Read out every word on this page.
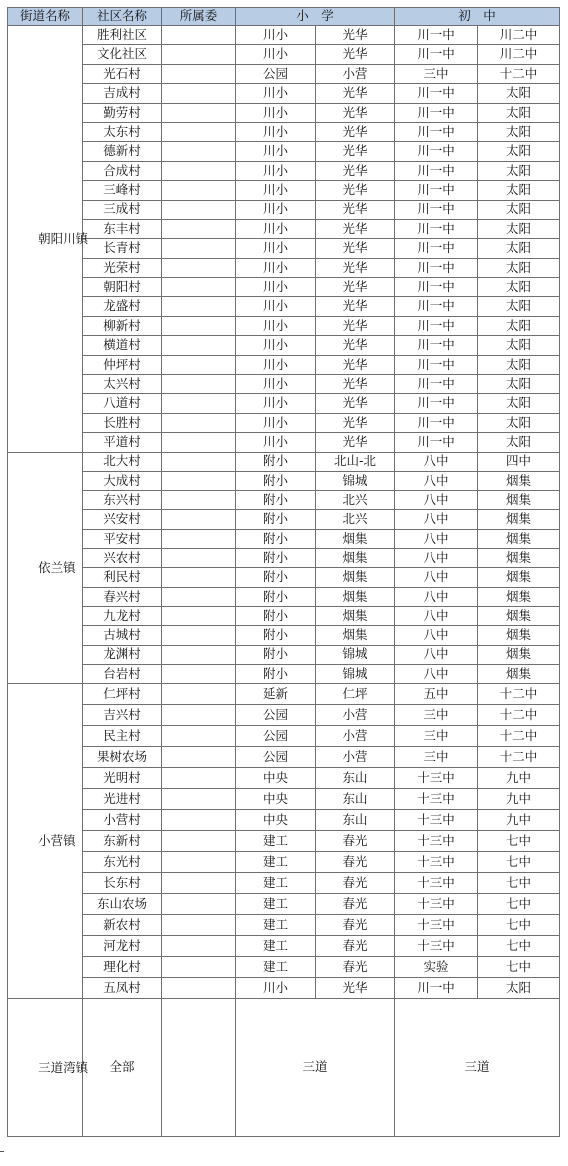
街道名称	社区名称	所属委	小　学		初　中	

朝阳川镇	胜利社区		川小	光华	川一中	川二中
	文化社区		川小	光华	川一中	川二中
	光石村		公园	小营	三中	十二中
	吉成村		川小	光华	川一中	太阳
	勤劳村		川小	光华	川一中	太阳
	太东村		川小	光华	川一中	太阳
	德新村		川小	光华	川一中	太阳
	合成村		川小	光华	川一中	太阳
	三峰村		川小	光华	川一中	太阳
	三成村		川小	光华	川一中	太阳
	东丰村		川小	光华	川一中	太阳
	长青村		川小	光华	川一中	太阳
	光荣村		川小	光华	川一中	太阳
	朝阳村		川小	光华	川一中	太阳
	龙盛村		川小	光华	川一中	太阳
	柳新村		川小	光华	川一中	太阳
	横道村		川小	光华	川一中	太阳
	仲坪村		川小	光华	川一中	太阳
	太兴村		川小	光华	川一中	太阳
	八道村		川小	光华	川一中	太阳
	长胜村		川小	光华	川一中	太阳
	平道村		川小	光华	川一中	太阳

依兰镇	北大村		附小	北山-北	八中	四中
	大成村		附小	锦城	八中	烟集
	东兴村		附小	北兴	八中	烟集
	兴安村		附小	北兴	八中	烟集
	平安村		附小	烟集	八中	烟集
	兴农村		附小	烟集	八中	烟集
	利民村		附小	烟集	八中	烟集
	春兴村		附小	烟集	八中	烟集
	九龙村		附小	烟集	八中	烟集
	古城村		附小	烟集	八中	烟集
	龙渊村		附小	锦城	八中	烟集
	台岩村		附小	锦城	八中	烟集

小营镇	仁坪村		延新	仁坪	五中	十二中
	吉兴村		公园	小营	三中	十二中
	民主村		公园	小营	三中	十二中
	果树农场		公园	小营	三中	十二中
	光明村		中央	东山	十三中	九中
	光进村		中央	东山	十三中	九中
	小营村		中央	东山	十三中	九中
	东新村		建工	春光	十三中	七中
	东光村		建工	春光	十三中	七中
	长东村		建工	春光	十三中	七中
	东山农场		建工	春光	十三中	七中
	新农村		建工	春光	十三中	七中
	河龙村		建工	春光	十三中	七中
	理化村		建工	春光	实验	七中
	五凤村		川小	光华	川一中	太阳

三道湾镇	全部		三道		三道	
